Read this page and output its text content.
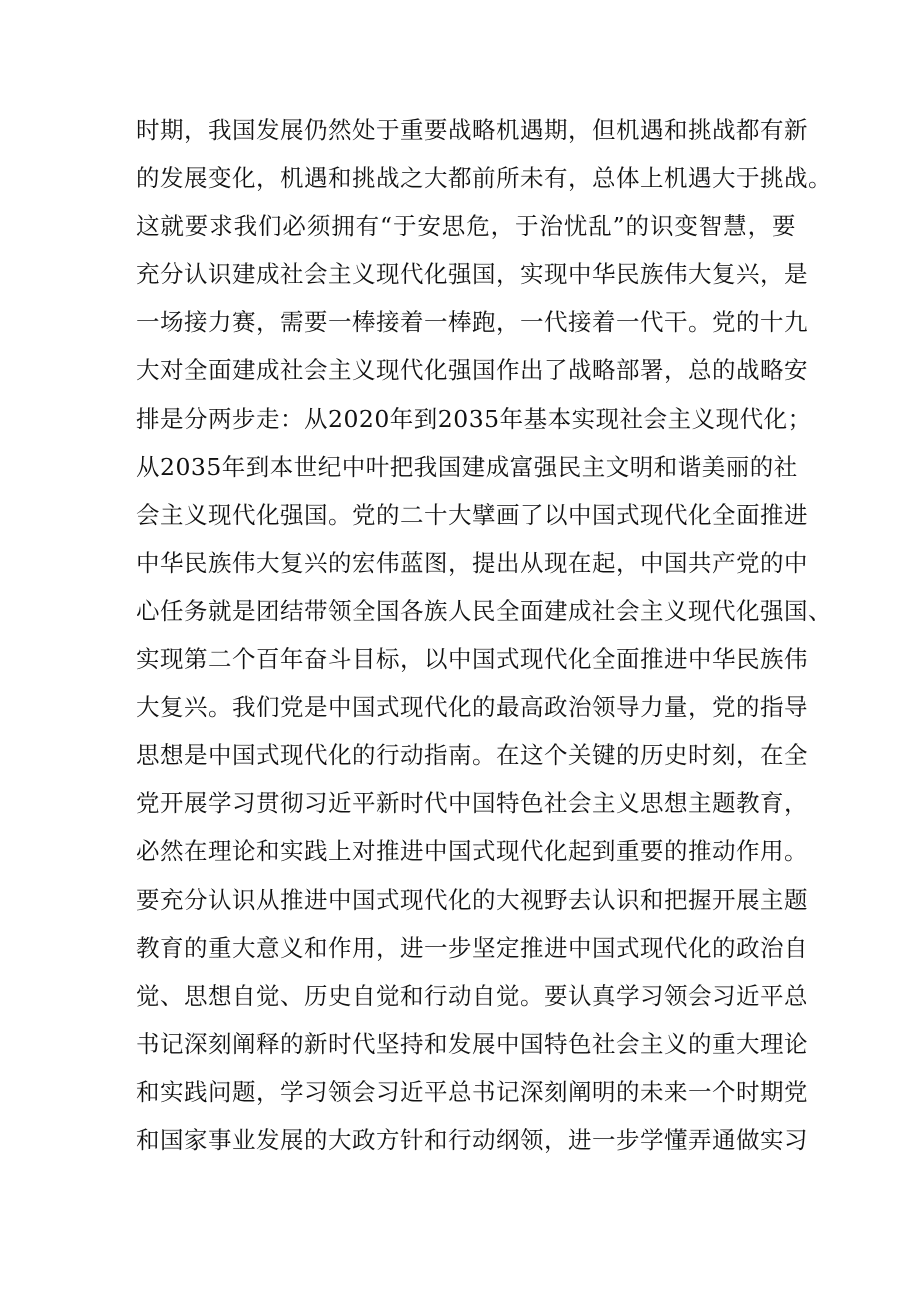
时期，我国发展仍然处于重要战略机遇期，但机遇和挑战都有新
的发展变化，机遇和挑战之大都前所未有，总体上机遇大于挑战。
这就要求我们必须拥有“于安思危，于治忧乱”的识变智慧，要
充分认识建成社会主义现代化强国，实现中华民族伟大复兴，是
一场接力赛，需要一棒接着一棒跑，一代接着一代干。党的十九
大对全面建成社会主义现代化强国作出了战略部署，总的战略安
排是分两步走：从2020年到2035年基本实现社会主义现代化；
从2035年到本世纪中叶把我国建成富强民主文明和谐美丽的社
会主义现代化强国。党的二十大擘画了以中国式现代化全面推进
中华民族伟大复兴的宏伟蓝图，提出从现在起，中国共产党的中
心任务就是团结带领全国各族人民全面建成社会主义现代化强国、
实现第二个百年奋斗目标，以中国式现代化全面推进中华民族伟
大复兴。我们党是中国式现代化的最高政治领导力量，党的指导
思想是中国式现代化的行动指南。在这个关键的历史时刻，在全
党开展学习贯彻习近平新时代中国特色社会主义思想主题教育，
必然在理论和实践上对推进中国式现代化起到重要的推动作用。
要充分认识从推进中国式现代化的大视野去认识和把握开展主题
教育的重大意义和作用，进一步坚定推进中国式现代化的政治自
觉、思想自觉、历史自觉和行动自觉。要认真学习领会习近平总
书记深刻阐释的新时代坚持和发展中国特色社会主义的重大理论
和实践问题，学习领会习近平总书记深刻阐明的未来一个时期党
和国家事业发展的大政方针和行动纲领，进一步学懂弄通做实习
